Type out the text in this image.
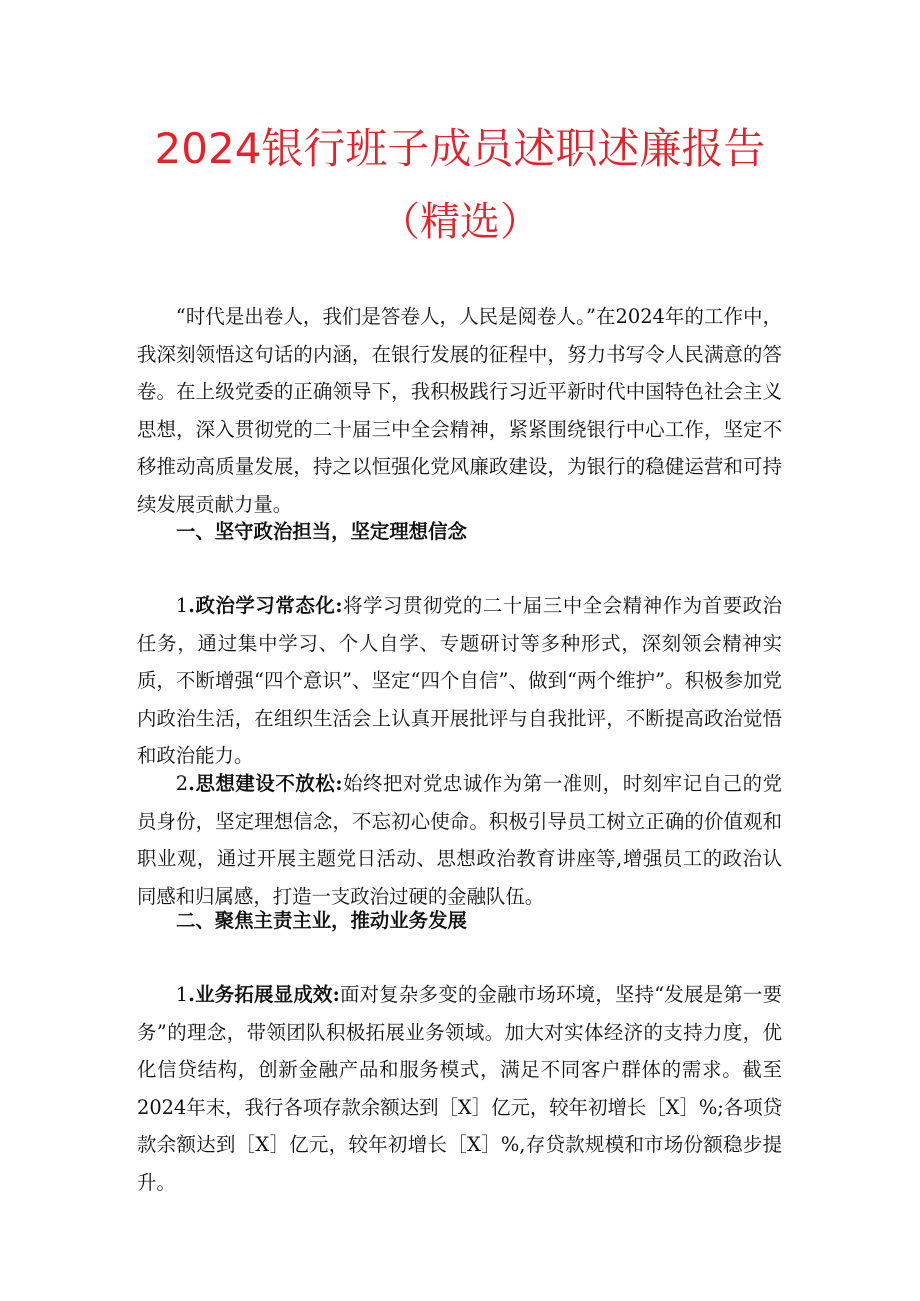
2024银行班子成员述职述廉报告
（精选）

“时代是出卷人，我们是答卷人，人民是阅卷人。”在2024年的工作中，我深刻领悟这句话的内涵，在银行发展的征程中，努力书写令人民满意的答卷。在上级党委的正确领导下，我积极践行习近平新时代中国特色社会主义思想，深入贯彻党的二十届三中全会精神，紧紧围绕银行中心工作，坚定不移推动高质量发展，持之以恒强化党风廉政建设，为银行的稳健运营和可持续发展贡献力量。

一、坚守政治担当，坚定理想信念

1.政治学习常态化:将学习贯彻党的二十届三中全会精神作为首要政治任务，通过集中学习、个人自学、专题研讨等多种形式，深刻领会精神实质，不断增强“四个意识”、坚定“四个自信”、做到“两个维护”。积极参加党内政治生活，在组织生活会上认真开展批评与自我批评，不断提高政治觉悟和政治能力。

2.思想建设不放松:始终把对党忠诚作为第一准则，时刻牢记自己的党员身份，坚定理想信念，不忘初心使命。积极引导员工树立正确的价值观和职业观，通过开展主题党日活动、思想政治教育讲座等,增强员工的政治认同感和归属感，打造一支政治过硬的金融队伍。

二、聚焦主责主业，推动业务发展

1.业务拓展显成效:面对复杂多变的金融市场环境，坚持“发展是第一要务”的理念，带领团队积极拓展业务领域。加大对实体经济的支持力度，优化信贷结构，创新金融产品和服务模式，满足不同客户群体的需求。截至2024年末，我行各项存款余额达到［X］亿元，较年初增长［X］%;各项贷款余额达到［X］亿元，较年初增长［X］%,存贷款规模和市场份额稳步提升。
